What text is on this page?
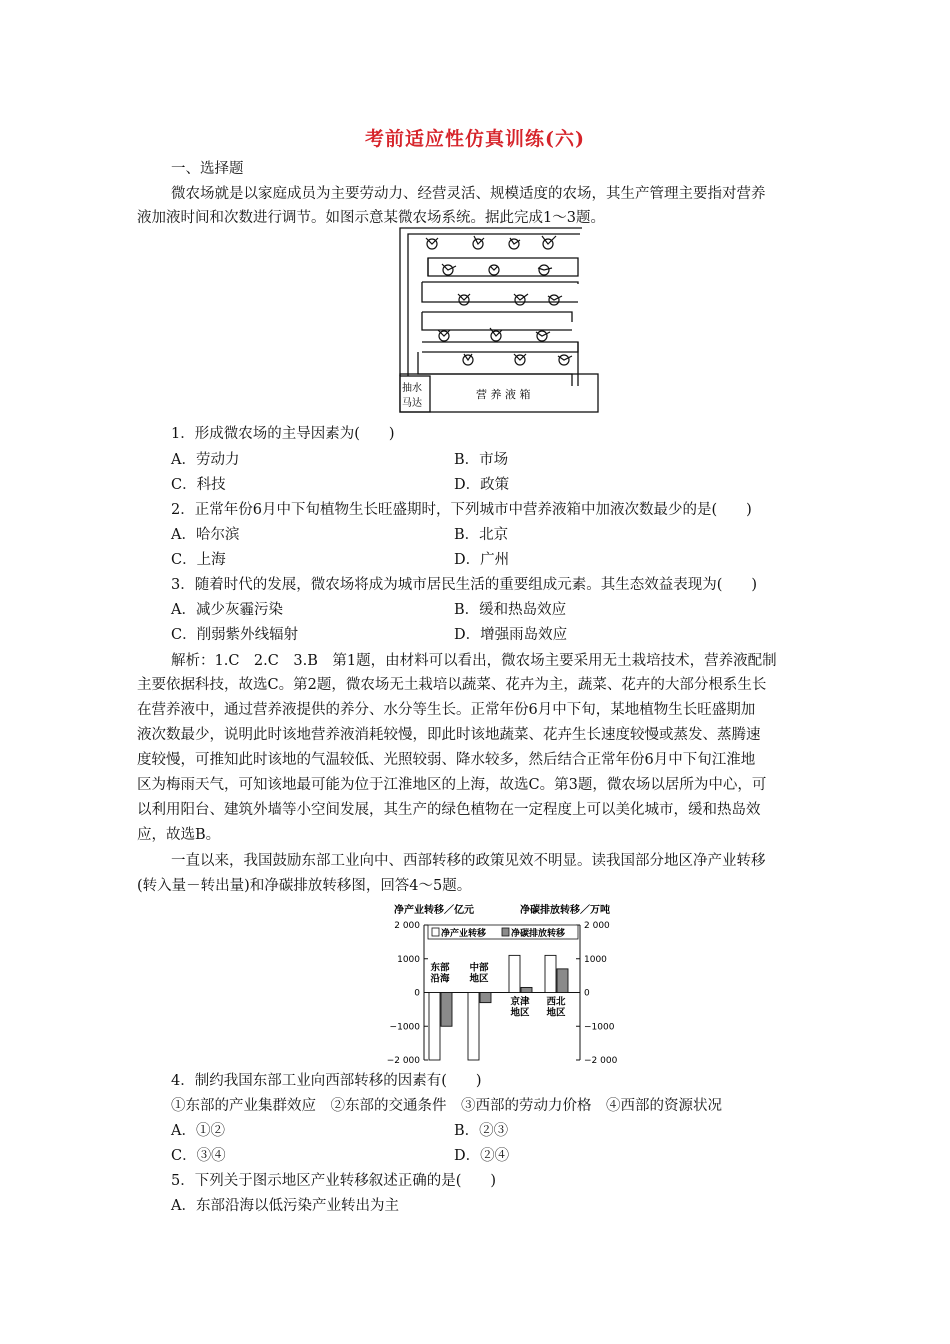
考前适应性仿真训练(六)
一、选择题
微农场就是以家庭成员为主要劳动力、经营灵活、规模适度的农场，其生产管理主要指对营养
液加液时间和次数进行调节。如图示意某微农场系统。据此完成1～3题。
抽水
马达
营 养 液 箱
1．形成微农场的主导因素为(　　)
A．劳动力	B．市场
C．科技	D．政策
2．正常年份6月中下旬植物生长旺盛期时，下列城市中营养液箱中加液次数最少的是(　　)
A．哈尔滨	B．北京
C．上海	D．广州
3．随着时代的发展，微农场将成为城市居民生活的重要组成元素。其生态效益表现为(　　)
A．减少灰霾污染	B．缓和热岛效应
C．削弱紫外线辐射	D．增强雨岛效应
解析：1.C　2.C　3.B　第1题，由材料可以看出，微农场主要采用无土栽培技术，营养液配制
主要依据科技，故选C。第2题，微农场无土栽培以蔬菜、花卉为主，蔬菜、花卉的大部分根系生长
在营养液中，通过营养液提供的养分、水分等生长。正常年份6月中下旬，某地植物生长旺盛期加
液次数最少，说明此时该地营养液消耗较慢，即此时该地蔬菜、花卉生长速度较慢或蒸发、蒸腾速
度较慢，可推知此时该地的气温较低、光照较弱、降水较多，然后结合正常年份6月中下旬江淮地
区为梅雨天气，可知该地最可能为位于江淮地区的上海，故选C。第3题，微农场以居所为中心，可
以利用阳台、建筑外墙等小空间发展，其生产的绿色植物在一定程度上可以美化城市，缓和热岛效
应，故选B。
一直以来，我国鼓励东部工业向中、西部转移的政策见效不明显。读我国部分地区净产业转移
(转入量－转出量)和净碳排放转移图，回答4～5题。
净产业转移／亿元	净碳排放转移／万吨
2 000	2 000
1000	1000
0	0
−1000	−1000
−2 000	−2 000
东部
沿海
中部
地区
京津
地区
西北
地区
净产业转移	净碳排放转移
4．制约我国东部工业向西部转移的因素有(　　)
①东部的产业集群效应　②东部的交通条件　③西部的劳动力价格　④西部的资源状况
A．①②	B．②③
C．③④	D．②④
5．下列关于图示地区产业转移叙述正确的是(　　)
A．东部沿海以低污染产业转出为主
